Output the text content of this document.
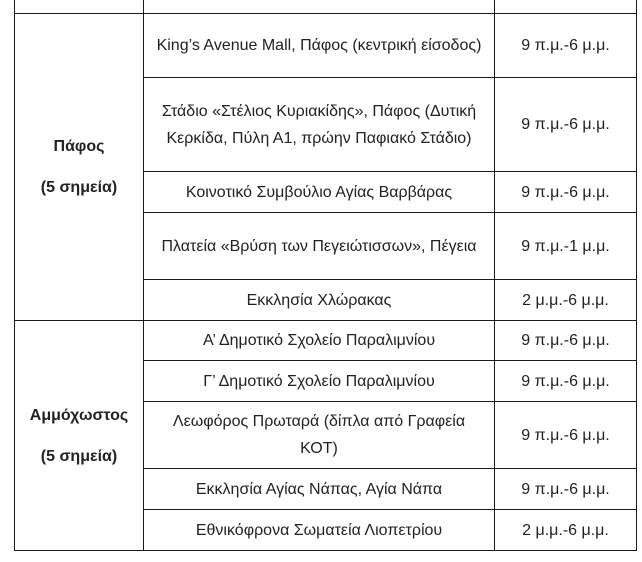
Πάφος
(5 σημεία)	King’s Avenue Mall, Πάφος (κεντρική είσοδος)	9 π.μ.-6 μ.μ.
	Στάδιο «Στέλιος Κυριακίδης», Πάφος (Δυτική Κερκίδα, Πύλη Α1, πρώην Παφιακό Στάδιο)	9 π.μ.-6 μ.μ.
	Κοινοτικό Συμβούλιο Αγίας Βαρβάρας	9 π.μ.-6 μ.μ.
	Πλατεία «Βρύση των Πεγειώτισσων», Πέγεια	9 π.μ.-1 μ.μ.
	Εκκλησία Χλώρακας	2 μ.μ.-6 μ.μ.

Αμμόχωστος
(5 σημεία)	Α’ Δημοτικό Σχολείο Παραλιμνίου	9 π.μ.-6 μ.μ.
	Γ’ Δημοτικό Σχολείο Παραλιμνίου	9 π.μ.-6 μ.μ.
	Λεωφόρος Πρωταρά (δίπλα από Γραφεία ΚΟΤ)	9 π.μ.-6 μ.μ.
	Εκκλησία Αγίας Νάπας, Αγία Νάπα	9 π.μ.-6 μ.μ.
	Εθνικόφρονα Σωματεία Λιοπετρίου	2 μ.μ.-6 μ.μ.
